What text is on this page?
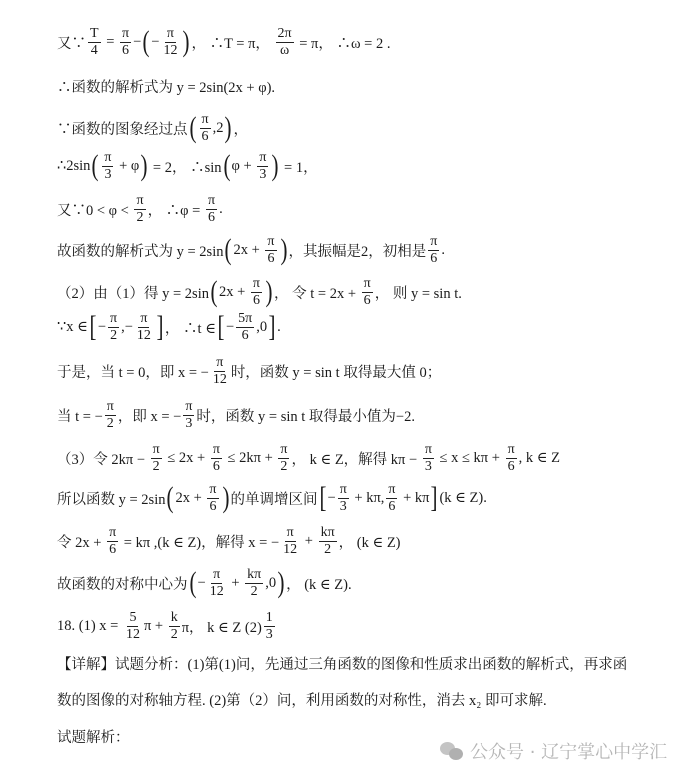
又∵ $\frac{T}{4} = \frac{\pi}{6}$ − ( − $\frac{\pi}{12}$ ) ， ∴T = π， $\frac{2\pi}{\omega} = \pi$， ∴ω = 2 .
∴函数的解析式为 y = 2sin(2x + φ).
∵函数的图象经过点 ( $\frac{\pi}{6} ,2$ ) ，
∴2sin ( $\frac{\pi}{3} + \varphi$ ) = 2， ∴sin ( $\varphi + \frac{\pi}{3}$ ) = 1，
又∵0 < $\varphi < \frac{\pi}{2}$ ， ∴φ = $\frac{\pi}{6}$ .
故函数的解析式为 y = 2sin ( $2x + \frac{\pi}{6}$ ) ，其振幅是2，初相是 $\frac{\pi}{6}$ .
（2）由（1）得 y = 2sin ( $2x + \frac{\pi}{6}$ ) ， 令 $t = 2x + \frac{\pi}{6}$ ， 则 y = sin t.
∵x ∈ [ − $\frac{\pi}{2}$ ,− $\frac{\pi}{12}$ ] ， ∴t ∈ [ − $\frac{5\pi}{6} ,0$ ] .
于是，当 t = 0，即 x = − $\frac{\pi}{12}$ 时，函数 y = sin t 取得最大值 0；
当 t = − $\frac{\pi}{2}$ ，即 x = − $\frac{\pi}{3}$ 时，函数 y = sin t 取得最小值为−2.
（3）令 $2k\pi - \frac{\pi}{2} \le 2x + \frac{\pi}{6} \le 2k\pi + \frac{\pi}{2}$ ， k ∈ Z，解得 $k\pi - \frac{\pi}{3} \le x \le k\pi + \frac{\pi}{6}$ , k ∈ Z
所以函数 y = 2sin ( $2x + \frac{\pi}{6}$ ) 的单调增区间 [ − $\frac{\pi}{3} + k\pi$, $\frac{\pi}{6} + k\pi$ ] (k ∈ Z).
令 $2x + \frac{\pi}{6} = k\pi$ ,(k ∈ Z)，解得 x = − $\frac{\pi}{12} + \frac{k\pi}{2}$ ， (k ∈ Z)
故函数的对称中心为 ( − $\frac{\pi}{12} + \frac{k\pi}{2} ,0$ ) ， (k ∈ Z).
18. (1) $x = \frac{5}{12}$ $\pi + \frac{k}{2}$ π， k ∈ Z $(2) \frac{1}{3}$
【详解】试题分析：(1)第(1)问，先通过三角函数的图像和性质求出函数的解析式，再求函
数的图像的对称轴方程. (2)第（2）问，利用函数的对称性，消去 x₂ 即可求解.
试题解析：
公众号 · 辽宁掌心中学汇
